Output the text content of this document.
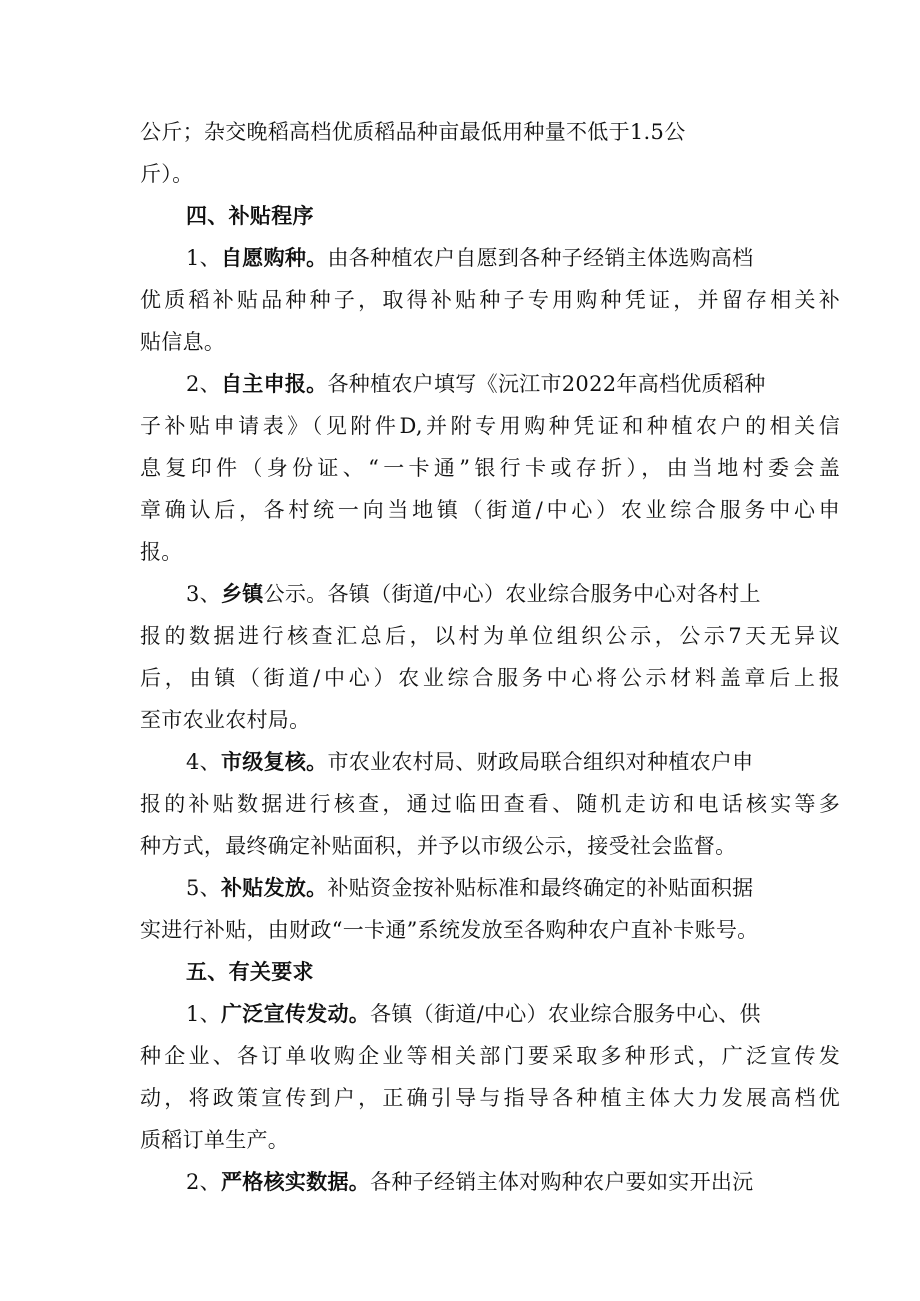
公斤；杂交晚稻高档优质稻品种亩最低用种量不低于1.5公
斤）。
四、补贴程序
1、自愿购种。由各种植农户自愿到各种子经销主体选购高档
优质稻补贴品种种子，取得补贴种子专用购种凭证，并留存相关补
贴信息。
2、自主申报。各种植农户填写《沅江市2022年高档优质稻种
子补贴申请表》（见附件D,并附专用购种凭证和种植农户的相关信
息复印件（身份证、“一卡通”银行卡或存折），由当地村委会盖
章确认后，各村统一向当地镇（街道/中心）农业综合服务中心申
报。
3、乡镇公示。各镇（街道/中心）农业综合服务中心对各村上
报的数据进行核查汇总后，以村为单位组织公示，公示7天无异议
后，由镇（街道/中心）农业综合服务中心将公示材料盖章后上报
至市农业农村局。
4、市级复核。市农业农村局、财政局联合组织对种植农户申
报的补贴数据进行核查，通过临田查看、随机走访和电话核实等多
种方式，最终确定补贴面积，并予以市级公示，接受社会监督。
5、补贴发放。补贴资金按补贴标准和最终确定的补贴面积据
实进行补贴，由财政“一卡通”系统发放至各购种农户直补卡账号。
五、有关要求
1、广泛宣传发动。各镇（街道/中心）农业综合服务中心、供
种企业、各订单收购企业等相关部门要采取多种形式，广泛宣传发
动，将政策宣传到户，正确引导与指导各种植主体大力发展高档优
质稻订单生产。
2、严格核实数据。各种子经销主体对购种农户要如实开出沅
